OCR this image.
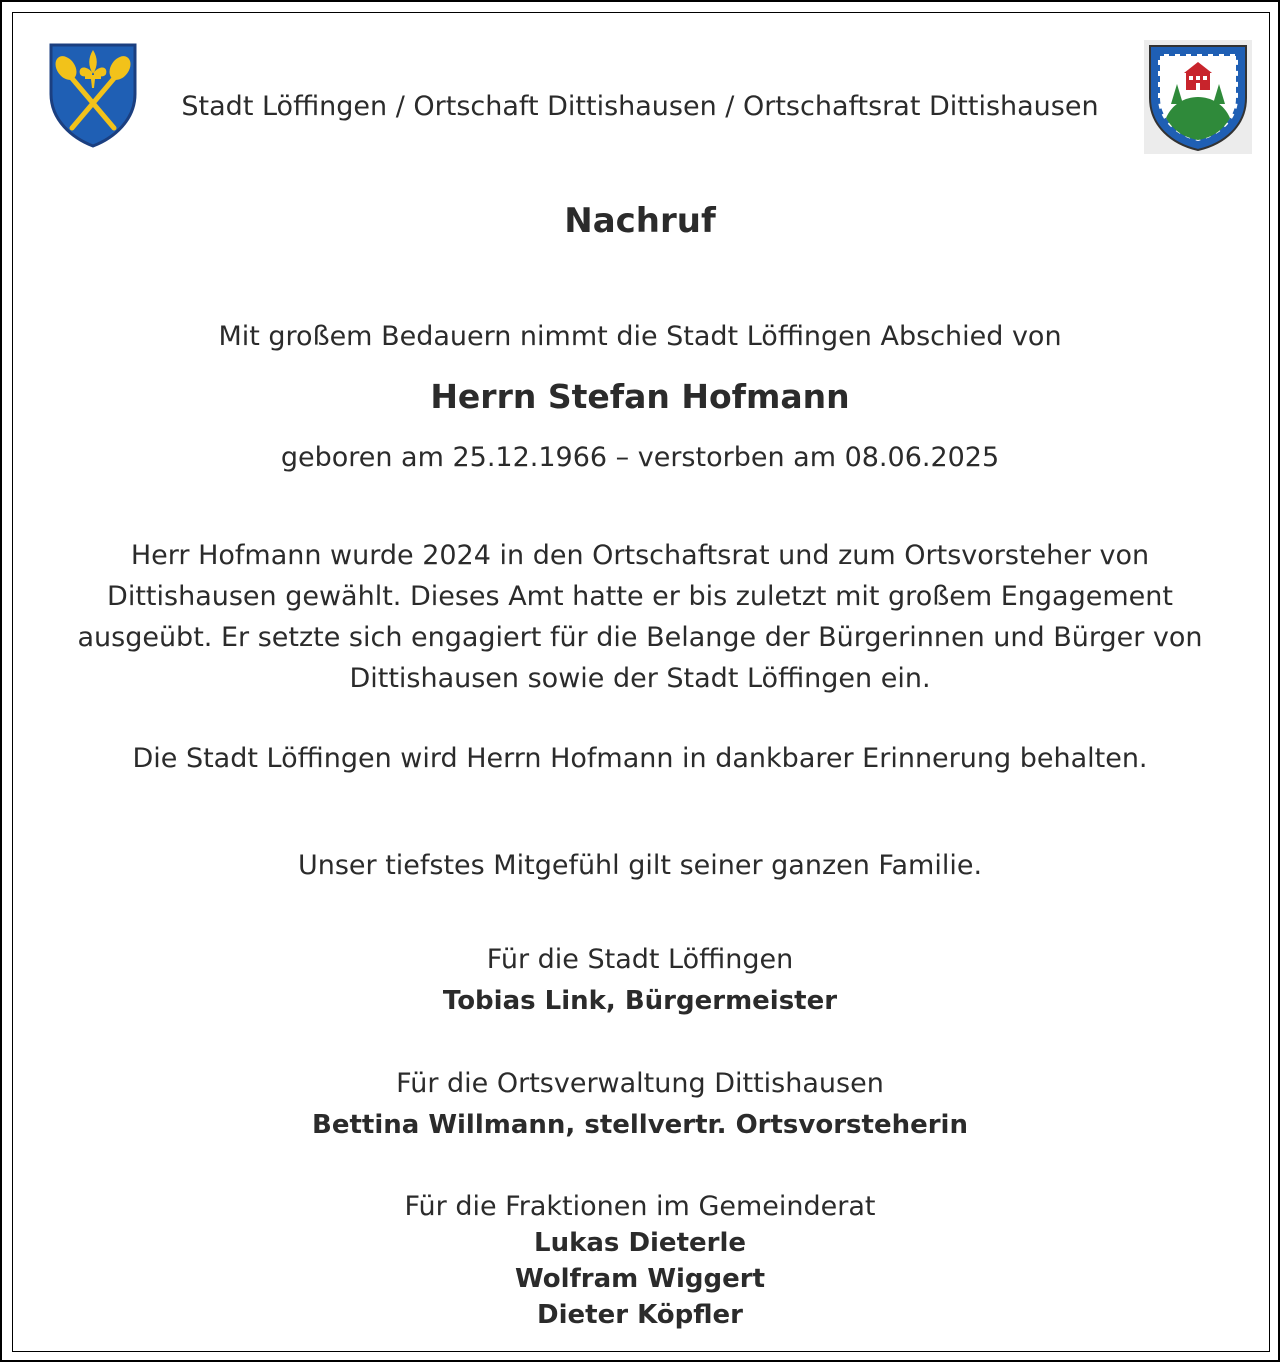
Stadt Löffingen / Ortschaft Dittishausen / Ortschaftsrat Dittishausen
Nachruf
Mit großem Bedauern nimmt die Stadt Löffingen Abschied von
Herrn Stefan Hofmann
geboren am 25.12.1966 – verstorben am 08.06.2025
Herr Hofmann wurde 2024 in den Ortschaftsrat und zum Ortsvorsteher von
Dittishausen gewählt. Dieses Amt hatte er bis zuletzt mit großem Engagement
ausgeübt. Er setzte sich engagiert für die Belange der Bürgerinnen und Bürger von
Dittishausen sowie der Stadt Löffingen ein.
Die Stadt Löffingen wird Herrn Hofmann in dankbarer Erinnerung behalten.
Unser tiefstes Mitgefühl gilt seiner ganzen Familie.
Für die Stadt Löffingen
Tobias Link, Bürgermeister
Für die Ortsverwaltung Dittishausen
Bettina Willmann, stellvertr. Ortsvorsteherin
Für die Fraktionen im Gemeinderat
Lukas Dieterle
Wolfram Wiggert
Dieter Köpfler
